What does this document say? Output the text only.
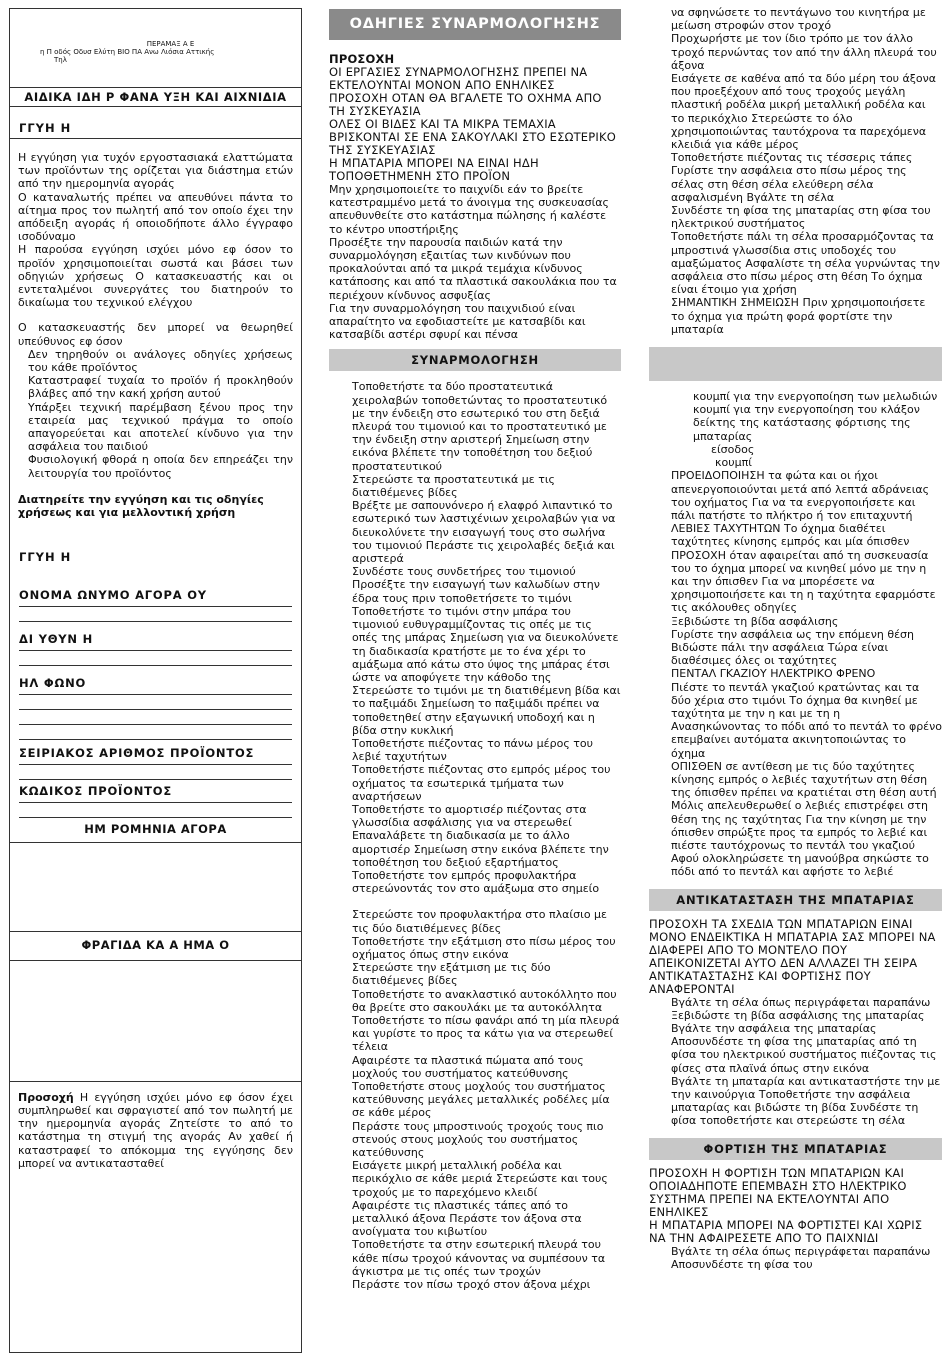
ΠΕΡΑΜΑΞ Α Ε
η Π οδός Οδυσ Ελύτη ΒΙΟ ΠΑ Ανω Λιόσια Αττικής
Τηλ
ΑΙΔΙΚΑ ΙΔΗ Ρ ΦΑΝΑ ΥΞΗ ΚΑΙ ΑΙΧΝΙΔΙΑ
ΓΓΥΗ Η

Η εγγύηση για τυχόν εργοστασιακά ελαττώματα των προϊόντων της ορίζεται για διάστημα ετών από την ημερομηνία αγοράς

Ο καταναλωτής πρέπει να απευθύνει πάντα το αίτημα προς τον πωλητή από τον οποίο έχει την απόδειξη αγοράς ή οποιοδήποτε άλλο έγγραφο ισοδύναμο

Η παρούσα εγγύηση ισχύει μόνο εφ όσον το προϊόν χρησιμοποιείται σωστά και βάσει των οδηγιών χρήσεως Ο κατασκευαστής και οι εντεταλμένοι συνεργάτες του διατηρούν το δικαίωμα του τεχνικού ελέγχου

Ο κατασκευαστής δεν μπορεί να θεωρηθεί υπεύθυνος εφ όσον

Δεν τηρηθούν οι ανάλογες οδηγίες χρήσεως του κάθε προϊόντος

Καταστραφεί τυχαία το προϊόν ή προκληθούν βλάβες από την κακή χρήση αυτού

Υπάρξει τεχνική παρέμβαση ξένου προς την εταιρεία μας τεχνικού πράγμα το οποίο απαγορεύεται και αποτελεί κίνδυνο για την ασφάλεια του παιδιού

Φυσιολογική φθορά η οποία δεν επηρεάζει την λειτουργία του προϊόντος

Διατηρείτε την εγγύηση και τις οδηγίες χρήσεως και για μελλοντική χρήση

ΓΓΥΗ Η
ΟΝΟΜΑ ΩΝΥΜΟ ΑΓΟΡΑ ΟΥ
ΔΙ ΥΘΥΝ Η
ΗΛ ΦΩΝΟ
ΣΕΙΡΙΑΚΟΣ ΑΡΙΘΜΟΣ ΠΡΟΪΟΝΤΟΣ
ΚΩΔΙΚΟΣ ΠΡΟΪΟΝΤΟΣ
ΗΜ ΡΟΜΗΝΙΑ ΑΓΟΡΑ
ΦΡΑΓΙΔΑ ΚΑ Α ΗΜΑ Ο

Προσοχή Η εγγύηση ισχύει μόνο εφ όσον έχει συμπληρωθεί και σφραγιστεί από τον πωλητή με την ημερομηνία αγοράς Ζητείστε το από το κατάστημα τη στιγμή της αγοράς Αν χαθεί ή καταστραφεί το απόκομμα της εγγύησης δεν μπορεί να αντικατασταθεί

ΟΔΗΓΙΕΣ ΣΥΝΑΡΜΟΛΟΓΗΣΗΣ
ΠΡΟΣΟΧΗ

ΟΙ ΕΡΓΑΣΙΕΣ ΣΥΝΑΡΜΟΛΟΓΗΣΗΣ ΠΡΕΠΕΙ ΝΑ ΕΚΤΕΛΟΥΝΤΑΙ ΜΟΝΟΝ ΑΠΟ ΕΝΗΛΙΚΕΣ

ΠΡΟΣΟΧΗ ΟΤΑΝ ΘΑ ΒΓΑΛΕΤΕ ΤΟ ΟΧΗΜΑ ΑΠΟ ΤΗ ΣΥΣΚΕΥΑΣΙΑ

ΟΛΕΣ ΟΙ ΒΙΔΕΣ ΚΑΙ ΤΑ ΜΙΚΡΑ ΤΕΜΑΧΙΑ ΒΡΙΣΚΟΝΤΑΙ ΣΕ ΕΝΑ ΣΑΚΟΥΛΑΚΙ ΣΤΟ ΕΣΩΤΕΡΙΚΟ ΤΗΣ ΣΥΣΚΕΥΑΣΙΑΣ

Η ΜΠΑΤΑΡΙΑ ΜΠΟΡΕΙ ΝΑ ΕΙΝΑΙ ΗΔΗ ΤΟΠΟΘΕΤΗΜΕΝΗ ΣΤΟ ΠΡΟΪΟΝ

Μην χρησιμοποιείτε το παιχνίδι εάν το βρείτε κατεστραμμένο μετά το άνοιγμα της συσκευασίας απευθυνθείτε στο κατάστημα πώλησης ή καλέστε το κέντρο υποστήριξης

Προσέξτε την παρουσία παιδιών κατά την συναρμολόγηση εξαιτίας των κινδύνων που προκαλούνται από τα μικρά τεμάχια κίνδυνος κατάποσης και από τα πλαστικά σακουλάκια που τα περιέχουν κίνδυνος ασφυξίας

Για την συναρμολόγηση του παιχνιδιού είναι απαραίτητο να εφοδιαστείτε με κατσαβίδι και κατσαβίδι αστέρι σφυρί και πένσα

ΣΥΝΑΡΜΟΛΟΓΗΣΗ

Τοποθετήστε τα δύο προστατευτικά χειρολαβών τοποθετώντας το προστατευτικό με την ένδειξη στο εσωτερικό του στη δεξιά πλευρά του τιμονιού και το προστατευτικό με την ένδειξη στην αριστερή Σημείωση στην εικόνα βλέπετε την τοποθέτηση του δεξιού προστατευτικού

Στερεώστε τα προστατευτικά με τις διατιθέμενες βίδες

Βρέξτε με σαπουνόνερο ή ελαφρό λιπαντικό το εσωτερικό των λαστιχένιων χειρολαβών για να διευκολύνετε την εισαγωγή τους στο σωλήνα του τιμονιού Περάστε τις χειρολαβές δεξιά και αριστερά

Συνδέστε τους συνδετήρες του τιμονιού

Προσέξτε την εισαγωγή των καλωδίων στην έδρα τους πριν τοποθετήσετε το τιμόνι

Τοποθετήστε το τιμόνι στην μπάρα του τιμονιού ευθυγραμμίζοντας τις οπές με τις οπές της μπάρας Σημείωση για να διευκολύνετε τη διαδικασία κρατήστε με το ένα χέρι το αμάξωμα από κάτω στο ύψος της μπάρας έτσι ώστε να αποφύγετε την κάθοδο της

Στερεώστε το τιμόνι με τη διατιθέμενη βίδα και το παξιμάδι Σημείωση το παξιμάδι πρέπει να τοποθετηθεί στην εξαγωνική υποδοχή και η βίδα στην κυκλική

Τοποθετήστε πιέζοντας το πάνω μέρος του λεβιέ ταχυτήτων

Τοποθετήστε πιέζοντας στο εμπρός μέρος του οχήματος τα εσωτερικά τμήματα των αναρτήσεων

Τοποθετήστε το αμορτισέρ πιέζοντας στα γλωσσίδια ασφάλισης για να στερεωθεί

Επαναλάβετε τη διαδικασία με το άλλο αμορτισέρ Σημείωση στην εικόνα βλέπετε την τοποθέτηση του δεξιού εξαρτήματος

Τοποθετήστε τον εμπρός προφυλακτήρα στερεώνοντάς τον στο αμάξωμα στο σημείο

Στερεώστε τον προφυλακτήρα στο πλαίσιο με τις δύο διατιθέμενες βίδες

Τοποθετήστε την εξάτμιση στο πίσω μέρος του οχήματος όπως στην εικόνα

Στερεώστε την εξάτμιση με τις δύο διατιθέμενες βίδες

Τοποθετήστε το ανακλαστικό αυτοκόλλητο που θα βρείτε στο σακουλάκι με τα αυτοκόλλητα

Τοποθετήστε το πίσω φανάρι από τη μία πλευρά και γυρίστε το προς τα κάτω για να στερεωθεί τέλεια

Αφαιρέστε τα πλαστικά πώματα από τους μοχλούς του συστήματος κατεύθυνσης

Τοποθετήστε στους μοχλούς του συστήματος κατεύθυνσης μεγάλες μεταλλικές ροδέλες μία σε κάθε μέρος

Περάστε τους μπροστινούς τροχούς τους πιο στενούς στους μοχλούς του συστήματος κατεύθυνσης

Εισάγετε μικρή μεταλλική ροδέλα και περικόχλιο σε κάθε μεριά Στερεώστε και τους τροχούς με το παρεχόμενο κλειδί

Αφαιρέστε τις πλαστικές τάπες από το μεταλλικό άξονα Περάστε τον άξονα στα ανοίγματα του κιβωτίου

Τοποθετήστε τα στην εσωτερική πλευρά του κάθε πίσω τροχού κάνοντας να συμπέσουν τα άγκιστρα με τις οπές των τροχών

Περάστε τον πίσω τροχό στον άξονα μέχρι

να σφηνώσετε το πεντάγωνο του κινητήρα με μείωση στροφών στον τροχό

Προχωρήστε με τον ίδιο τρόπο με τον άλλο τροχό περνώντας τον από την άλλη πλευρά του άξονα

Εισάγετε σε καθένα από τα δύο μέρη του άξονα που προεξέχουν από τους τροχούς μεγάλη πλαστική ροδέλα μικρή μεταλλική ροδέλα και το περικόχλιο Στερεώστε το όλο χρησιμοποιώντας ταυτόχρονα τα παρεχόμενα κλειδιά για κάθε μέρος

Τοποθετήστε πιέζοντας τις τέσσερις τάπες

Γυρίστε την ασφάλεια στο πίσω μέρος της σέλας στη θέση σέλα ελεύθερη σέλα ασφαλισμένη Βγάλτε τη σέλα

Συνδέστε τη φίσα της μπαταρίας στη φίσα του ηλεκτρικού συστήματος

Τοποθετήστε πάλι τη σέλα προσαρμόζοντας τα μπροστινά γλωσσίδια στις υποδοχές του αμαξώματος Ασφαλίστε τη σέλα γυρνώντας την ασφάλεια στο πίσω μέρος στη θέση Το όχημα είναι έτοιμο για χρήση

ΣΗΜΑΝΤΙΚΗ ΣΗΜΕΙΩΣΗ Πριν χρησιμοποιήσετε το όχημα για πρώτη φορά φορτίστε την μπαταρία

κουμπί για την ενεργοποίηση των μελωδιών

κουμπί για την ενεργοποίηση του κλάξον

δείκτης της κατάστασης φόρτισης της μπαταρίας

είσοδος

κουμπί

ΠΡΟΕΙΔΟΠΟΙΗΣΗ τα φώτα και οι ήχοι απενεργοποιούνται μετά από λεπτά αδράνειας του οχήματος Για να τα ενεργοποιήσετε και πάλι πατήστε το πλήκτρο ή τον επιταχυντή

ΛΕΒΙΕΣ ΤΑΧΥΤΗΤΩΝ Το όχημα διαθέτει ταχύτητες κίνησης εμπρός και μία όπισθεν

ΠΡΟΣΟΧΗ όταν αφαιρείται από τη συσκευασία του το όχημα μπορεί να κινηθεί μόνο με την η και την όπισθεν Για να μπορέσετε να χρησιμοποιήσετε και τη η ταχύτητα εφαρμόστε τις ακόλουθες οδηγίες

Ξεβιδώστε τη βίδα ασφάλισης

Γυρίστε την ασφάλεια ως την επόμενη θέση

Βιδώστε πάλι την ασφάλεια Τώρα είναι διαθέσιμες όλες οι ταχύτητες

ΠΕΝΤΑΛ ΓΚΑΖΙΟΥ ΗΛΕΚΤΡΙΚΟ ΦΡΕΝΟ

Πιέστε το πεντάλ γκαζιού κρατώντας και τα δύο χέρια στο τιμόνι Το όχημα θα κινηθεί με ταχύτητα με την η και με τη η

Ανασηκώνοντας το πόδι από το πεντάλ το φρένο επεμβαίνει αυτόματα ακινητοποιώντας το όχημα

ΟΠΙΣΘΕΝ σε αντίθεση με τις δύο ταχύτητες κίνησης εμπρός ο λεβιές ταχυτήτων στη θέση της όπισθεν πρέπει να κρατιέται στη θέση αυτή Μόλις απελευθερωθεί ο λεβιές επιστρέφει στη θέση της ης ταχύτητας Για την κίνηση με την όπισθεν σπρώξτε προς τα εμπρός το λεβιέ και πιέστε ταυτόχρονως το πεντάλ του γκαζιού Αφού ολοκληρώσετε τη μανούβρα σηκώστε το πόδι από το πεντάλ και αφήστε το λεβιέ

ΑΝΤΙΚΑΤΑΣΤΑΣΗ ΤΗΣ ΜΠΑΤΑΡΙΑΣ

ΠΡΟΣΟΧΗ ΤΑ ΣΧΕΔΙΑ ΤΩΝ ΜΠΑΤΑΡΙΩΝ ΕΙΝΑΙ ΜΟΝΟ ΕΝΔΕΙΚΤΙΚΑ Η ΜΠΑΤΑΡΙΑ ΣΑΣ ΜΠΟΡΕΙ ΝΑ ΔΙΑΦΕΡΕΙ ΑΠΟ ΤΟ ΜΟΝΤΕΛΟ ΠΟΥ ΑΠΕΙΚΟΝΙΖΕΤΑΙ ΑΥΤΟ ΔΕΝ ΑΛΛΑΖΕΙ ΤΗ ΣΕΙΡΑ ΑΝΤΙΚΑΤΑΣΤΑΣΗΣ ΚΑΙ ΦΟΡΤΙΣΗΣ ΠΟΥ ΑΝΑΦΕΡΟΝΤΑΙ

Βγάλτε τη σέλα όπως περιγράφεται παραπάνω Ξεβιδώστε τη βίδα ασφάλισης της μπαταρίας Βγάλτε την ασφάλεια της μπαταρίας

Αποσυνδέστε τη φίσα της μπαταρίας από τη φίσα του ηλεκτρικού συστήματος πιέζοντας τις φίσες στα πλαϊνά όπως στην εικόνα

Βγάλτε τη μπαταρία και αντικαταστήστε την με την καινούργια Τοποθετήστε την ασφάλεια μπαταρίας και βιδώστε τη βίδα Συνδέστε τη φίσα τοποθετήστε και στερεώστε τη σέλα

ΦΟΡΤΙΣΗ ΤΗΣ ΜΠΑΤΑΡΙΑΣ

ΠΡΟΣΟΧΗ Η ΦΟΡΤΙΣΗ ΤΩΝ ΜΠΑΤΑΡΙΩΝ ΚΑΙ ΟΠΟΙΑΔΗΠΟΤΕ ΕΠΕΜΒΑΣΗ ΣΤΟ ΗΛΕΚΤΡΙΚΟ ΣΥΣΤΗΜΑ ΠΡΕΠΕΙ ΝΑ ΕΚΤΕΛΟΥΝΤΑΙ ΑΠΟ ΕΝΗΛΙΚΕΣ

Η ΜΠΑΤΑΡΙΑ ΜΠΟΡΕΙ ΝΑ ΦΟΡΤΙΣΤΕΙ ΚΑΙ ΧΩΡΙΣ ΝΑ ΤΗΝ ΑΦΑΙΡΕΣΕΤΕ ΑΠΟ ΤΟ ΠΑΙΧΝΙΔΙ

Βγάλτε τη σέλα όπως περιγράφεται παραπάνω Αποσυνδέστε τη φίσα του
